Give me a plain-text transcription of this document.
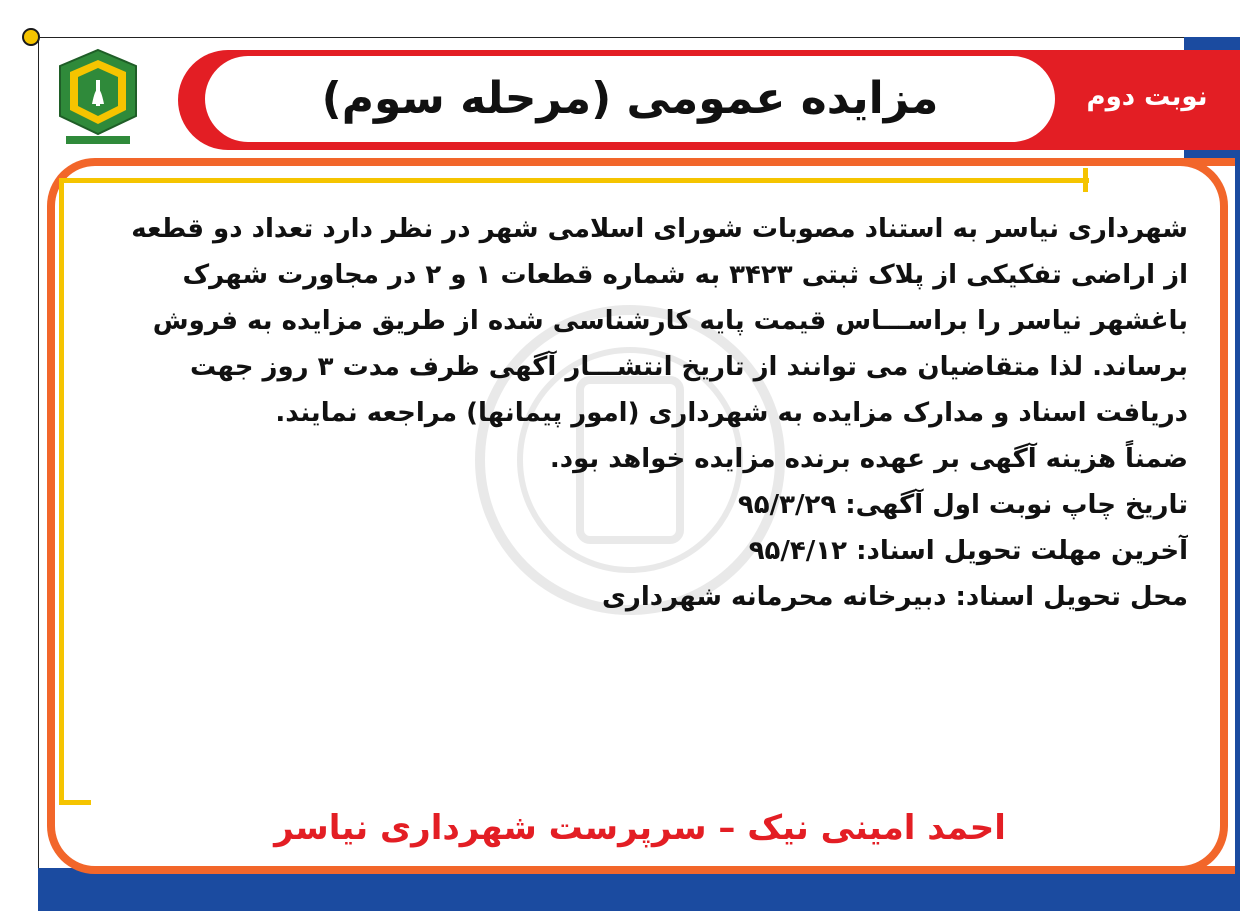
مزایده عمومی (مرحله سوم)	نوبت دوم
شهرداری نیاسر به استناد مصوبات شورای اسلامی شهر در نظر دارد تعداد دو قطعه
از اراضی تفکیکی از پلاک ثبتی ۳۴۲۳ به شماره قطعات ۱ و ۲ در مجاورت شهرک
باغشهر نیاسر را براســـاس قیمت پایه کارشناسی شده از طریق مزایده به فروش
برساند. لذا متقاضیان می توانند از تاریخ انتشـــار آگهی ظرف مدت ۳ روز جهت
دریافت اسناد و مدارک مزایده به شهرداری (امور پیمانها) مراجعه نمایند.
ضمناً هزینه آگهی بر عهده برنده مزایده خواهد بود.
تاریخ چاپ نوبت اول آگهی: ۹۵/۳/۲۹
آخرین مهلت تحویل اسناد: ۹۵/۴/۱۲
محل تحویل اسناد: دبیرخانه محرمانه شهرداری
احمد امینی نیک – سرپرست شهرداری نیاسر
